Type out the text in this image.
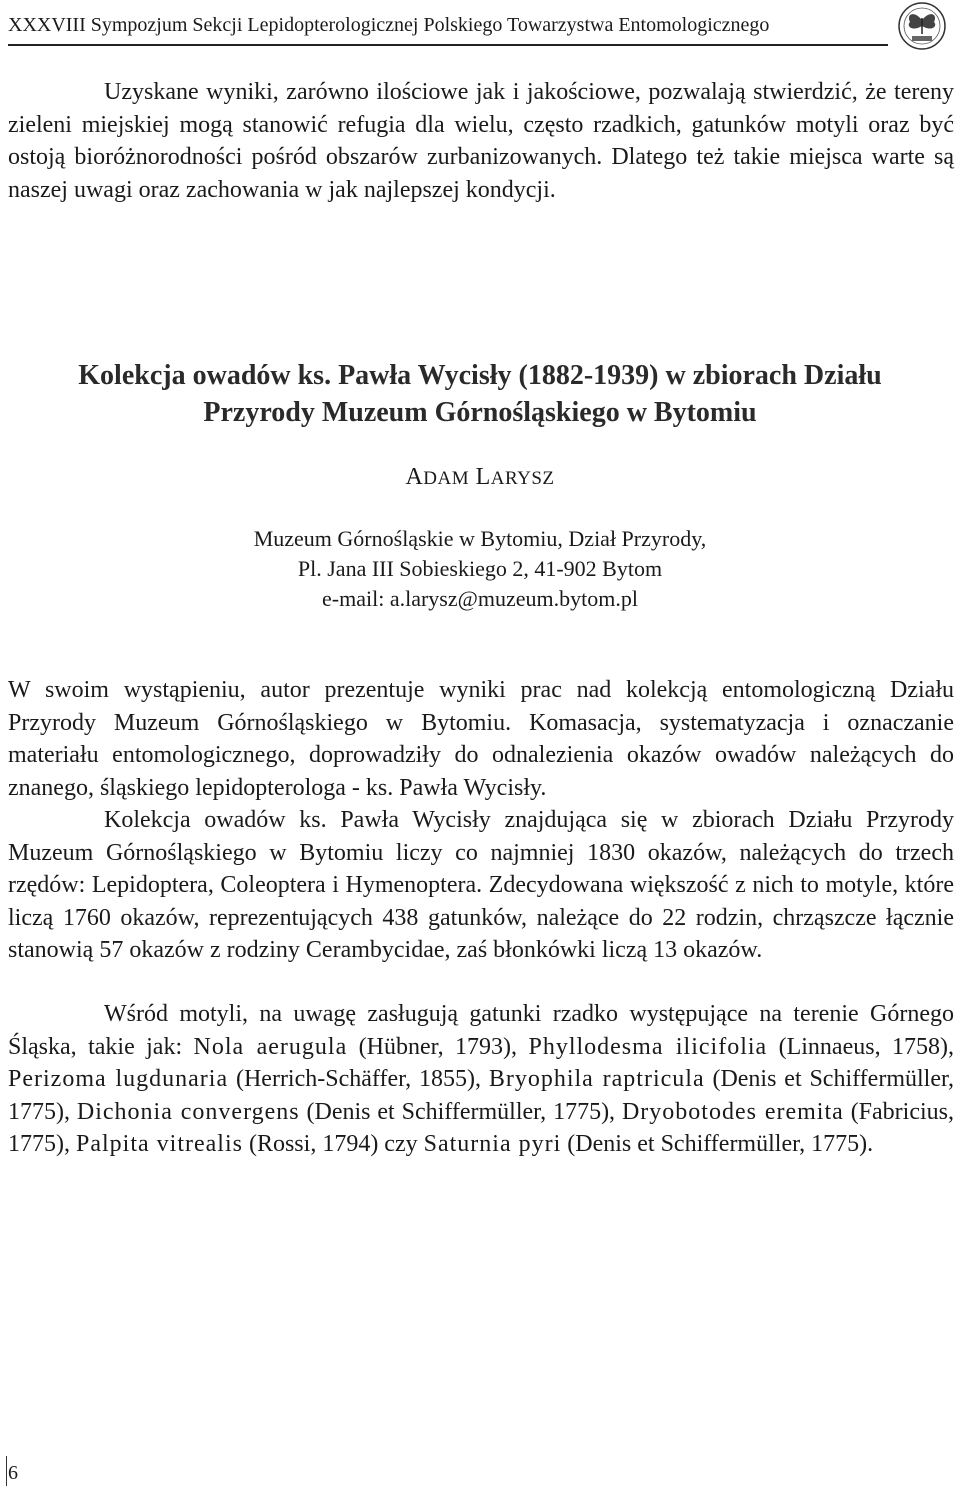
XXXVIII Sympozjum Sekcji Lepidopterologicznej Polskiego Towarzystwa Entomologicznego

Uzyskane wyniki, zarówno ilościowe jak i jakościowe, pozwalają stwierdzić, że tereny zieleni miejskiej mogą stanowić refugia dla wielu, często rzadkich, gatunków motyli oraz być ostoją bioróżnorodności pośród obszarów zurbanizowanych. Dlatego też takie miejsca warte są naszej uwagi oraz zachowania w jak najlepszej kondycji.

Kolekcja owadów ks. Pawła Wycisły (1882-1939) w zbiorach Działu
Przyrody Muzeum Górnośląskiego w Bytomiu
ADAM LARYSZ
Muzeum Górnośląskie w Bytomiu, Dział Przyrody,
Pl. Jana III Sobieskiego 2, 41-902 Bytom
e-mail: a.larysz@muzeum.bytom.pl

W swoim wystąpieniu, autor prezentuje wyniki prac nad kolekcją entomologiczną Działu Przyrody Muzeum Górnośląskiego w Bytomiu. Komasacja, systematyzacja i oznaczanie materiału entomologicznego, doprowadziły do odnalezienia okazów owadów należących do znanego, śląskiego lepidopterologa - ks. Pawła Wycisły.

Kolekcja owadów ks. Pawła Wycisły znajdująca się w zbiorach Działu Przyrody Muzeum Górnośląskiego w Bytomiu liczy co najmniej 1830 okazów, należących do trzech rzędów: Lepidoptera, Coleoptera i Hymenoptera. Zdecydowana większość z nich to motyle, które liczą 1760 okazów, reprezentujących 438 gatunków, należące do 22 rodzin, chrząszcze łącznie stanowią 57 okazów z rodziny Cerambycidae, zaś błonkówki liczą 13 okazów.

Wśród motyli, na uwagę zasługują gatunki rzadko występujące na terenie Górnego Śląska, takie jak: Nola aerugula (Hübner, 1793), Phyllodesma ilicifolia (Linnaeus, 1758), Perizoma lugdunaria (Herrich-Schäffer, 1855), Bryophila raptricula (Denis et Schiffermüller, 1775), Dichonia convergens (Denis et Schiffermüller, 1775), Dryobotodes eremita (Fabricius, 1775), Palpita vitrealis (Rossi, 1794) czy Saturnia pyri (Denis et Schiffermüller, 1775).

6
